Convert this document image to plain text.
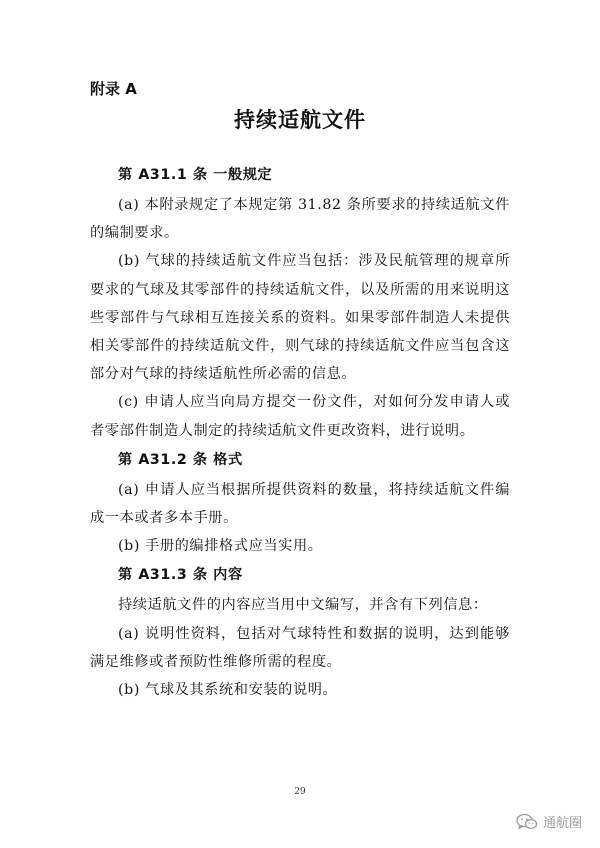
附录 A
持续适航文件

第 A31.1 条 一般规定

(a) 本附录规定了本规定第 31.82 条所要求的持续适航文件的编制要求。

(b) 气球的持续适航文件应当包括：涉及民航管理的规章所要求的气球及其零部件的持续适航文件，以及所需的用来说明这些零部件与气球相互连接关系的资料。如果零部件制造人未提供相关零部件的持续适航文件，则气球的持续适航文件应当包含这部分对气球的持续适航性所必需的信息。

(c) 申请人应当向局方提交一份文件，对如何分发申请人或者零部件制造人制定的持续适航文件更改资料，进行说明。

第 A31.2 条 格式

(a) 申请人应当根据所提供资料的数量，将持续适航文件编成一本或者多本手册。

(b) 手册的编排格式应当实用。

第 A31.3 条 内容

持续适航文件的内容应当用中文编写，并含有下列信息：

(a) 说明性资料，包括对气球特性和数据的说明，达到能够满足维修或者预防性维修所需的程度。

(b) 气球及其系统和安装的说明。

29
通航圈
